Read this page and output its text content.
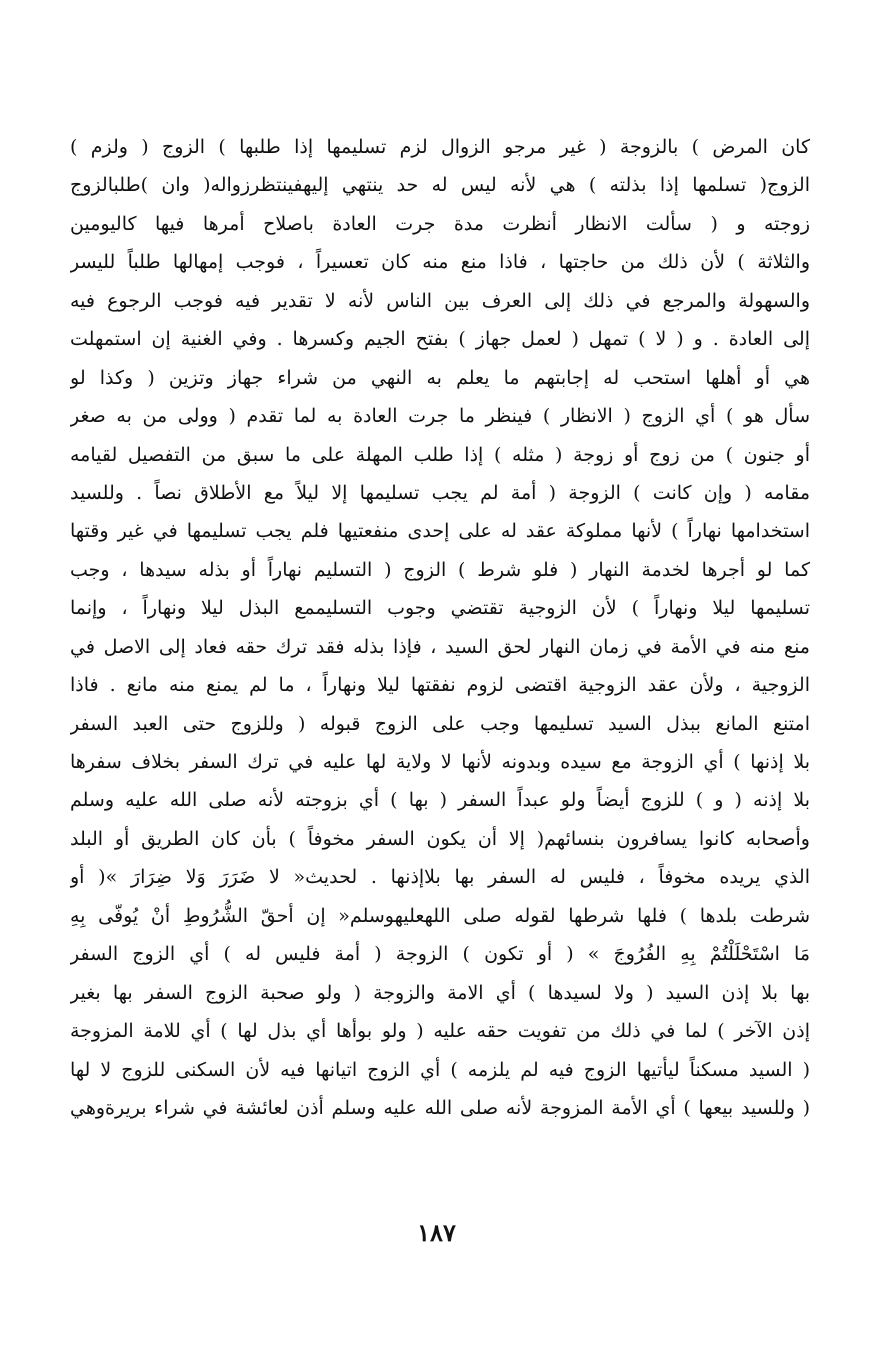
كان المرض ) بالزوجة ( غير مرجو الزوال لزم تسليمها إذا طلبها ) الزوج ( ولزم )
الزوج( تسلمها إذا بذلته ) هي لأنه ليس له حد ينتهي إليهفينتظرزواله( وان )طلبالزوج
زوجته و ( سألت الانظار أنظرت مدة جرت العادة باصلاح أمرها فيها كاليومين
والثلاثة ) لأن ذلك من حاجتها ، فاذا منع منه كان تعسيراً ، فوجب إمهالها طلباً لليسر
والسهولة والمرجع في ذلك إلى العرف بين الناس لأنه لا تقدير فيه فوجب الرجوع فيه
إلى العادة . و ( لا ) تمهل ( لعمل جهاز ) بفتح الجيم وكسرها . وفي الغنية إن استمهلت
هي أو أهلها استحب له إجابتهم ما يعلم به النهي من شراء جهاز وتزين ( وكذا لو
سأل هو ) أي الزوج ( الانظار ) فينظر ما جرت العادة به لما تقدم ( وولى من به صغر
أو جنون ) من زوج أو زوجة ( مثله ) إذا طلب المهلة على ما سبق من التفصيل لقيامه
مقامه ( وإن كانت ) الزوجة ( أمة لم يجب تسليمها إلا ليلاً مع الأطلاق نصاً . وللسيد
استخدامها نهاراً ) لأنها مملوكة عقد له على إحدى منفعتيها فلم يجب تسليمها في غير وقتها
كما لو أجرها لخدمة النهار ( فلو شرط ) الزوج ( التسليم نهاراً أو بذله سيدها ، وجب
تسليمها ليلا ونهاراً ) لأن الزوجية تقتضي وجوب التسليممع البذل ليلا ونهاراً ، وإنما
منع منه في الأمة في زمان النهار لحق السيد ، فإذا بذله فقد ترك حقه فعاد إلى الاصل في
الزوجية ، ولأن عقد الزوجية اقتضى لزوم نفقتها ليلا ونهاراً ، ما لم يمنع منه مانع . فاذا
امتنع المانع ببذل السيد تسليمها وجب على الزوج قبوله ( وللزوج حتى العبد السفر
بلا إذنها ) أي الزوجة مع سيده وبدونه لأنها لا ولاية لها عليه في ترك السفر بخلاف سفرها
بلا إذنه ( و ) للزوج أيضاً ولو عبداً السفر ( بها ) أي بزوجته لأنه صلى الله عليه وسلم
وأصحابه كانوا يسافرون بنسائهم( إلا أن يكون السفر مخوفاً ) بأن كان الطريق أو البلد
الذي يريده مخوفاً ، فليس له السفر بها بلاإذنها . لحديث« لا ضَرَرَ وَلا ضِرَارَ »( أو
شرطت بلدها ) فلها شرطها لقوله صلى اللهعليهوسلم« إن أحقّ الشُّرُوطِ أنْ يُوفّى بِهِ
مَا اسْتَحْلَلْتُمْ بِهِ الفُرُوجَ » ( أو تكون ) الزوجة ( أمة فليس له ) أي الزوج السفر
بها بلا إذن السيد ( ولا لسيدها ) أي الامة والزوجة ( ولو صحبة الزوج السفر بها بغير
إذن الآخر ) لما في ذلك من تفويت حقه عليه ( ولو بوأها أي بذل لها ) أي للامة المزوجة
( السيد مسكناً ليأتيها الزوج فيه لم يلزمه ) أي الزوج اتيانها فيه لأن السكنى للزوج لا لها
( وللسيد بيعها ) أي الأمة المزوجة لأنه صلى الله عليه وسلم أذن لعائشة في شراء بريرةوهي
١٨٧
